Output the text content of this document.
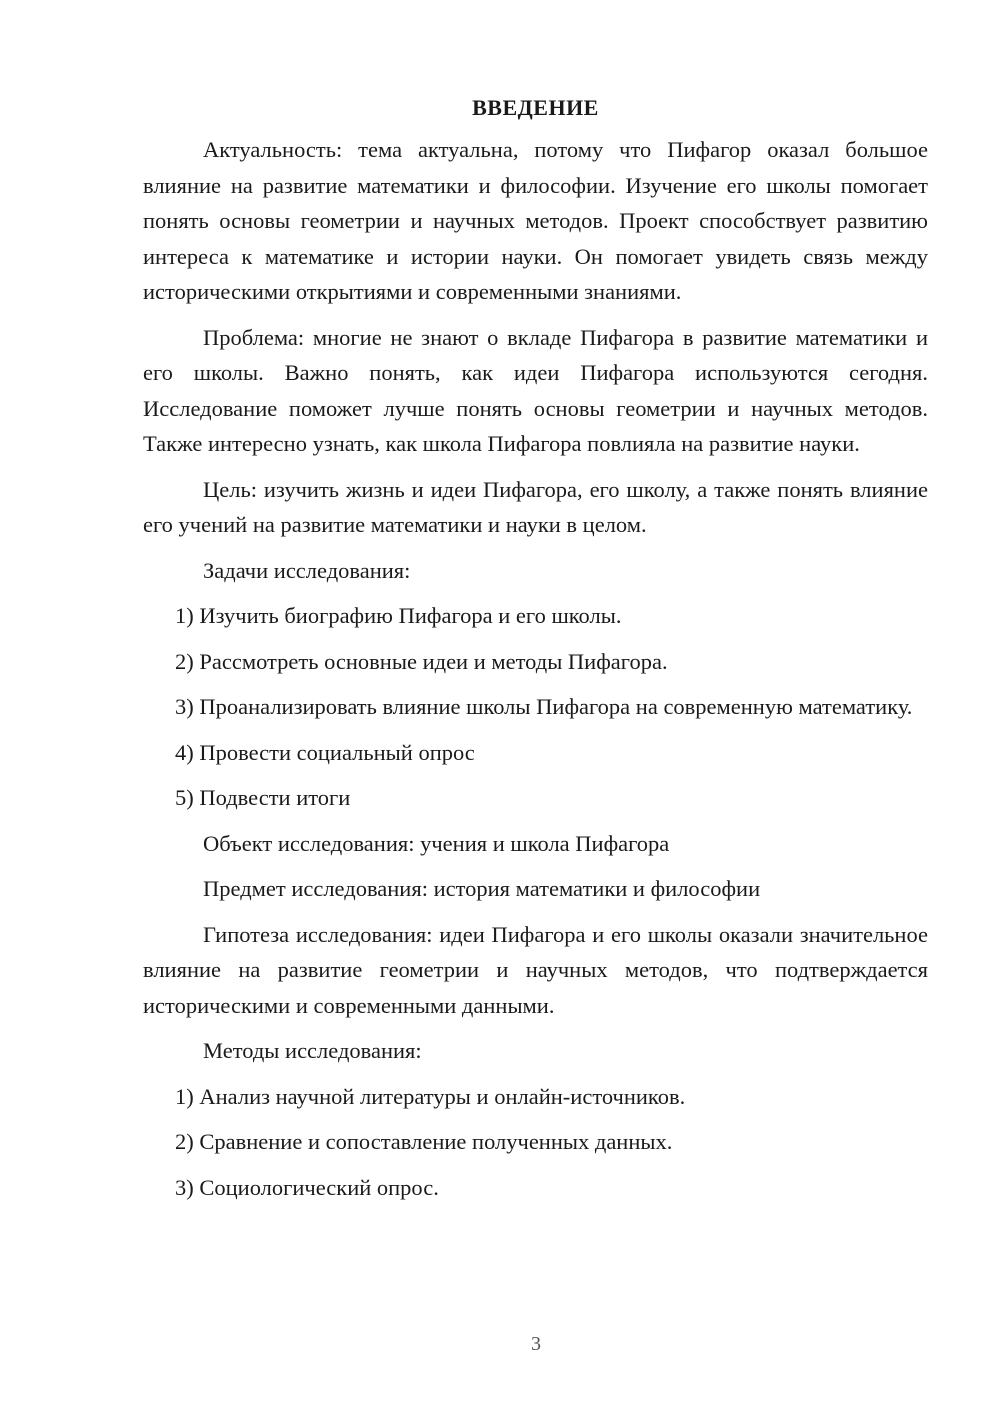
ВВЕДЕНИЕ

Актуальность: тема актуальна, потому что Пифагор оказал большое влияние на развитие математики и философии. Изучение его школы помогает понять основы геометрии и научных методов. Проект способствует развитию интереса к математике и истории науки. Он помогает увидеть связь между историческими открытиями и современными знаниями.

Проблема: многие не знают о вкладе Пифагора в развитие математики и его школы. Важно понять, как идеи Пифагора используются сегодня. Исследование поможет лучше понять основы геометрии и научных методов. Также интересно узнать, как школа Пифагора повлияла на развитие науки.

Цель: изучить жизнь и идеи Пифагора, его школу, а также понять влияние его учений на развитие математики и науки в целом.

Задачи исследования:

1) Изучить биографию Пифагора и его школы.

2) Рассмотреть основные идеи и методы Пифагора.

3) Проанализировать влияние школы Пифагора на современную математику.

4) Провести социальный опрос

5) Подвести итоги

Объект исследования: учения и школа Пифагора

Предмет исследования: история математики и философии

Гипотеза исследования: идеи Пифагора и его школы оказали значительное влияние на развитие геометрии и научных методов, что подтверждается историческими и современными данными.

Методы исследования:

1) Анализ научной литературы и онлайн-источников.

2) Сравнение и сопоставление полученных данных.

3) Социологический опрос.

3
